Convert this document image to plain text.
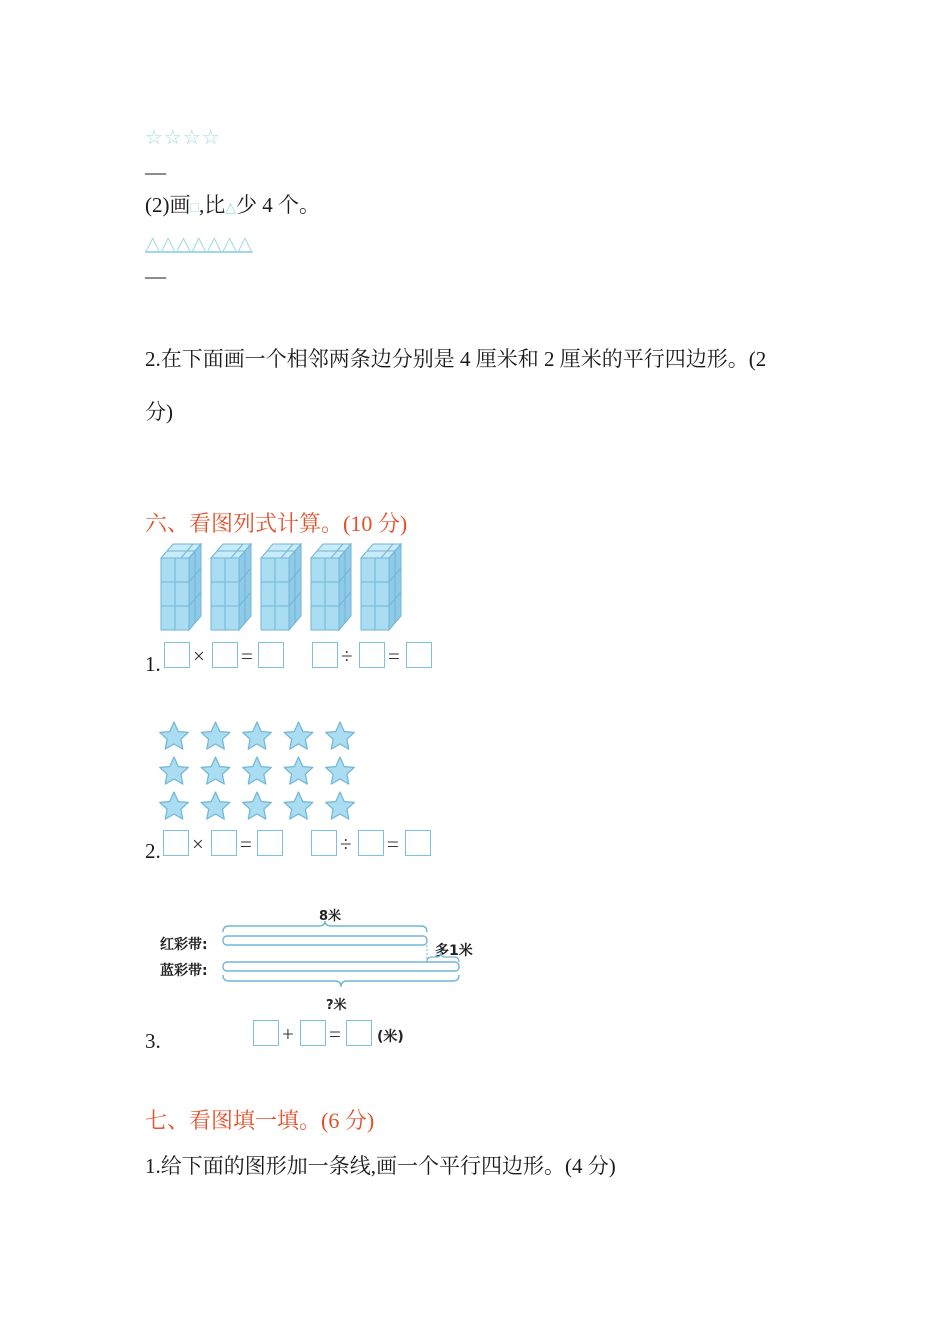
☆☆☆☆
—
(2)画□,比△少 4 个。
△△△△△△△
—
2.在下面画一个相邻两条边分别是 4 厘米和 2 厘米的平行四边形。(2
分)
六、看图列式计算。(10 分)
1. × =	÷ =
2. × =	÷ =
8米
红彩带:
蓝彩带:
多1米
?米
3.	+ =	(米)
七、看图填一填。(6 分)
1.给下面的图形加一条线,画一个平行四边形。(4 分)
